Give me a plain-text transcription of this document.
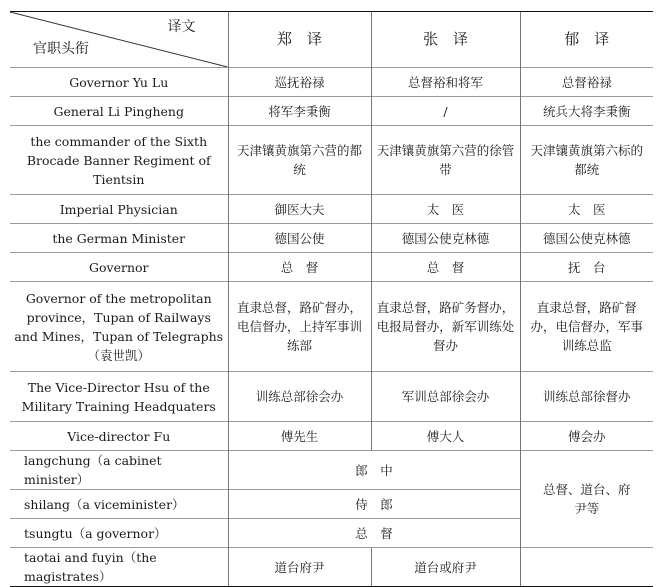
译文
官职头衔	郑　译	张　译	郁　译
Governor Yu Lu	巡抚裕禄	总督裕和将军	总督裕禄
General Li Pingheng	将军李秉衡	/	统兵大将李秉衡
the commander of the Sixth Brocade Banner Regiment of Tientsin	天津镶黄旗第六营的都统	天津镶黄旗第六营的徐管带	天津镶黄旗第六标的都统
Imperial Physician	御医大夫	太　医	太　医
the German Minister	德国公使	德国公使克林德	德国公使克林德
Governor	总　督	总　督	抚　台
Governor of the metropolitan province，Tupan of Railways and Mines，Tupan of Telegraphs（袁世凯）	直隶总督，路矿督办，电信督办，上持军事训练部	直隶总督，路矿务督办，电报局督办，新军训练处督办	直隶总督，路矿督办，电信督办，军事训练总监
The Vice-Director Hsu of the Military Training Headquaters	训练总部徐会办	军训总部徐会办	训练总部徐督办
Vice-director Fu	傅先生	傅大人	傅会办
langchung（a cabinet minister）	郎　中		总督、道台、府尹等
shilang（a viceminister）	侍　郎		
tsungtu（a governor）	总　督		
taotai and fuyin（the magistrates）	道台府尹	道台或府尹	
